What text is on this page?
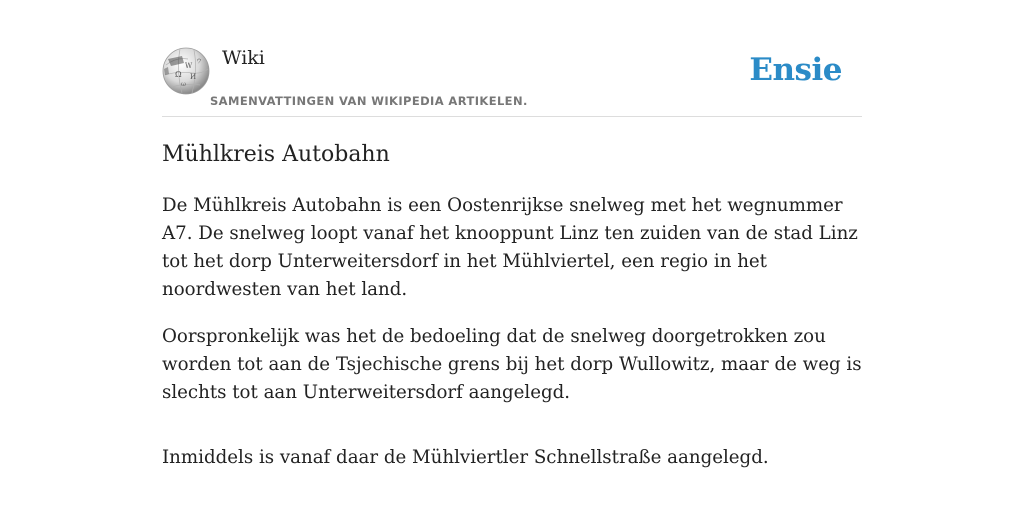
Ω
W
И
ω
ウ Wiki
SAMENVATTINGEN VAN WIKIPEDIA ARTIKELEN.
Ensie
Mühlkreis Autobahn

De Mühlkreis Autobahn is een Oostenrijkse snelweg met het wegnummer A7. De snelweg loopt vanaf het knooppunt Linz ten zuiden van de stad Linz tot het dorp Unterweitersdorf in het Mühlviertel, een regio in het noordwesten van het land.

Oorspronkelijk was het de bedoeling dat de snelweg doorgetrokken zou worden tot aan de Tsjechische grens bij het dorp Wullowitz, maar de weg is slechts tot aan Unterweitersdorf aangelegd.

Inmiddels is vanaf daar de Mühlviertler Schnellstraße aangelegd.
